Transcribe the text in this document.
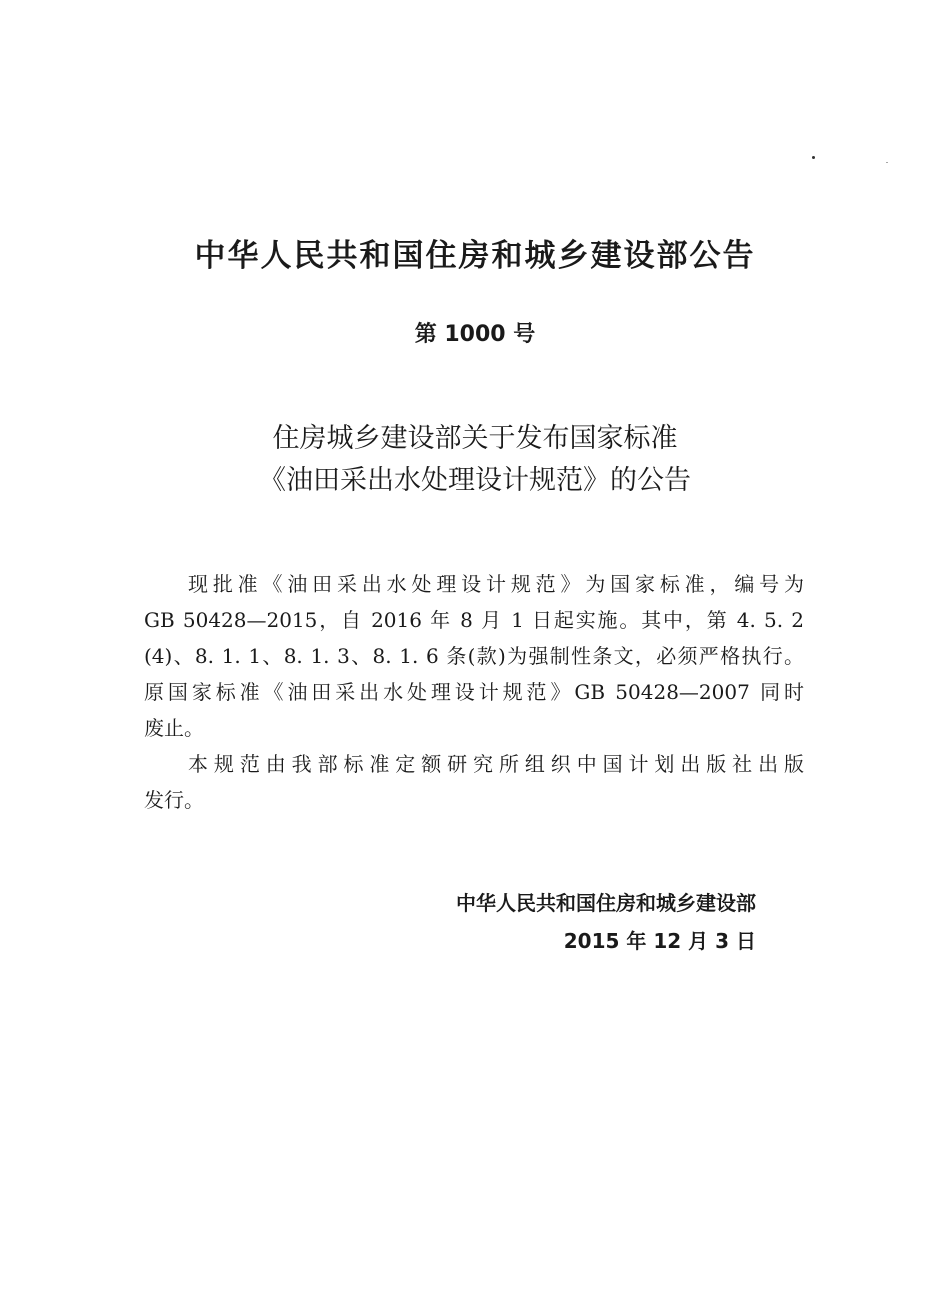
中华人民共和国住房和城乡建设部公告
第 1000 号
住房城乡建设部关于发布国家标准
《油田采出水处理设计规范》的公告
现批准《油田采出水处理设计规范》为国家标准，编号为
GB 50428—2015，自 2016 年 8 月 1 日起实施。其中，第 4. 5. 2
(4)、8. 1. 1、8. 1. 3、8. 1. 6 条(款)为强制性条文，必须严格执行。
原国家标准《油田采出水处理设计规范》GB 50428—2007 同时
废止。
本规范由我部标准定额研究所组织中国计划出版社出版
发行。
中华人民共和国住房和城乡建设部
2015 年 12 月 3 日
